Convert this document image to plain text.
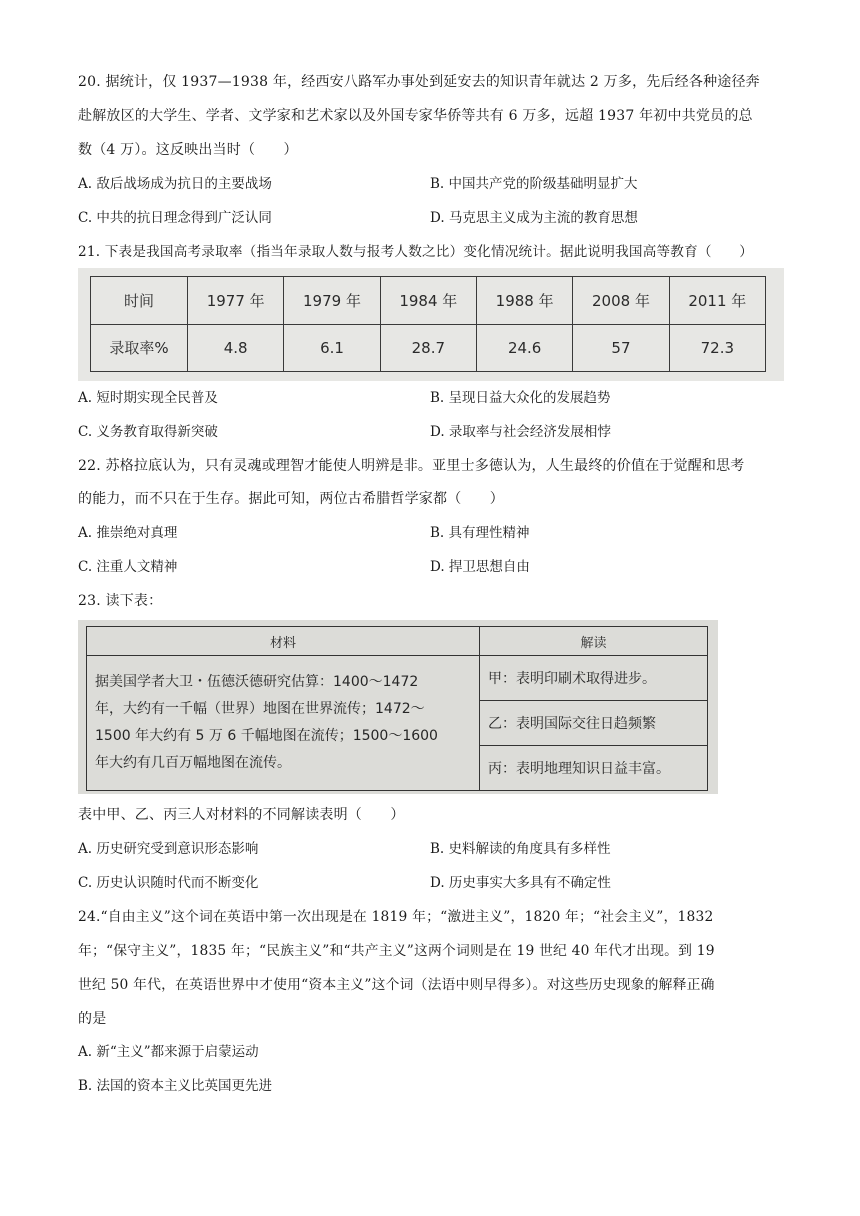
20. 据统计，仅 1937—1938 年，经西安八路军办事处到延安去的知识青年就达 2 万多，先后经各种途径奔
赴解放区的大学生、学者、文学家和艺术家以及外国专家华侨等共有 6 万多，远超 1937 年初中共党员的总
数（4 万）。这反映出当时（　　）
A. 敌后战场成为抗日的主要战场	B. 中国共产党的阶级基础明显扩大
C. 中共的抗日理念得到广泛认同	D. 马克思主义成为主流的教育思想
21. 下表是我国高考录取率（指当年录取人数与报考人数之比）变化情况统计。据此说明我国高等教育（　　）
时间	1977 年	1979 年	1984 年	1988 年	2008 年	2011 年
录取率%	4.8	6.1	28.7	24.6	57	72.3
A. 短时期实现全民普及	B. 呈现日益大众化的发展趋势
C. 义务教育取得新突破	D. 录取率与社会经济发展相悖
22. 苏格拉底认为，只有灵魂或理智才能使人明辨是非。亚里士多德认为，人生最终的价值在于觉醒和思考
的能力，而不只在于生存。据此可知，两位古希腊哲学家都（　　）
A. 推崇绝对真理	B. 具有理性精神
C. 注重人文精神	D. 捍卫思想自由
23. 读下表：
材料	解读

据美国学者大卫・伍德沃德研究估算：1400～1472
年，大约有一千幅（世界）地图在世界流传；1472～
1500 年大约有 5 万 6 千幅地图在流传；1500～1600
年大约有几百万幅地图在流传。	甲：表明印刷术取得进步。
	乙：表明国际交往日趋频繁
	丙：表明地理知识日益丰富。
表中甲、乙、丙三人对材料的不同解读表明（　　）
A. 历史研究受到意识形态影响	B. 史料解读的角度具有多样性
C. 历史认识随时代而不断变化	D. 历史事实大多具有不确定性
24.“自由主义”这个词在英语中第一次出现是在 1819 年；“激进主义”，1820 年；“社会主义”，1832
年；“保守主义”，1835 年；“民族主义”和“共产主义”这两个词则是在 19 世纪 40 年代才出现。到 19
世纪 50 年代，在英语世界中才使用“资本主义”这个词（法语中则早得多）。对这些历史现象的解释正确
的是
A. 新“主义”都来源于启蒙运动
B. 法国的资本主义比英国更先进
